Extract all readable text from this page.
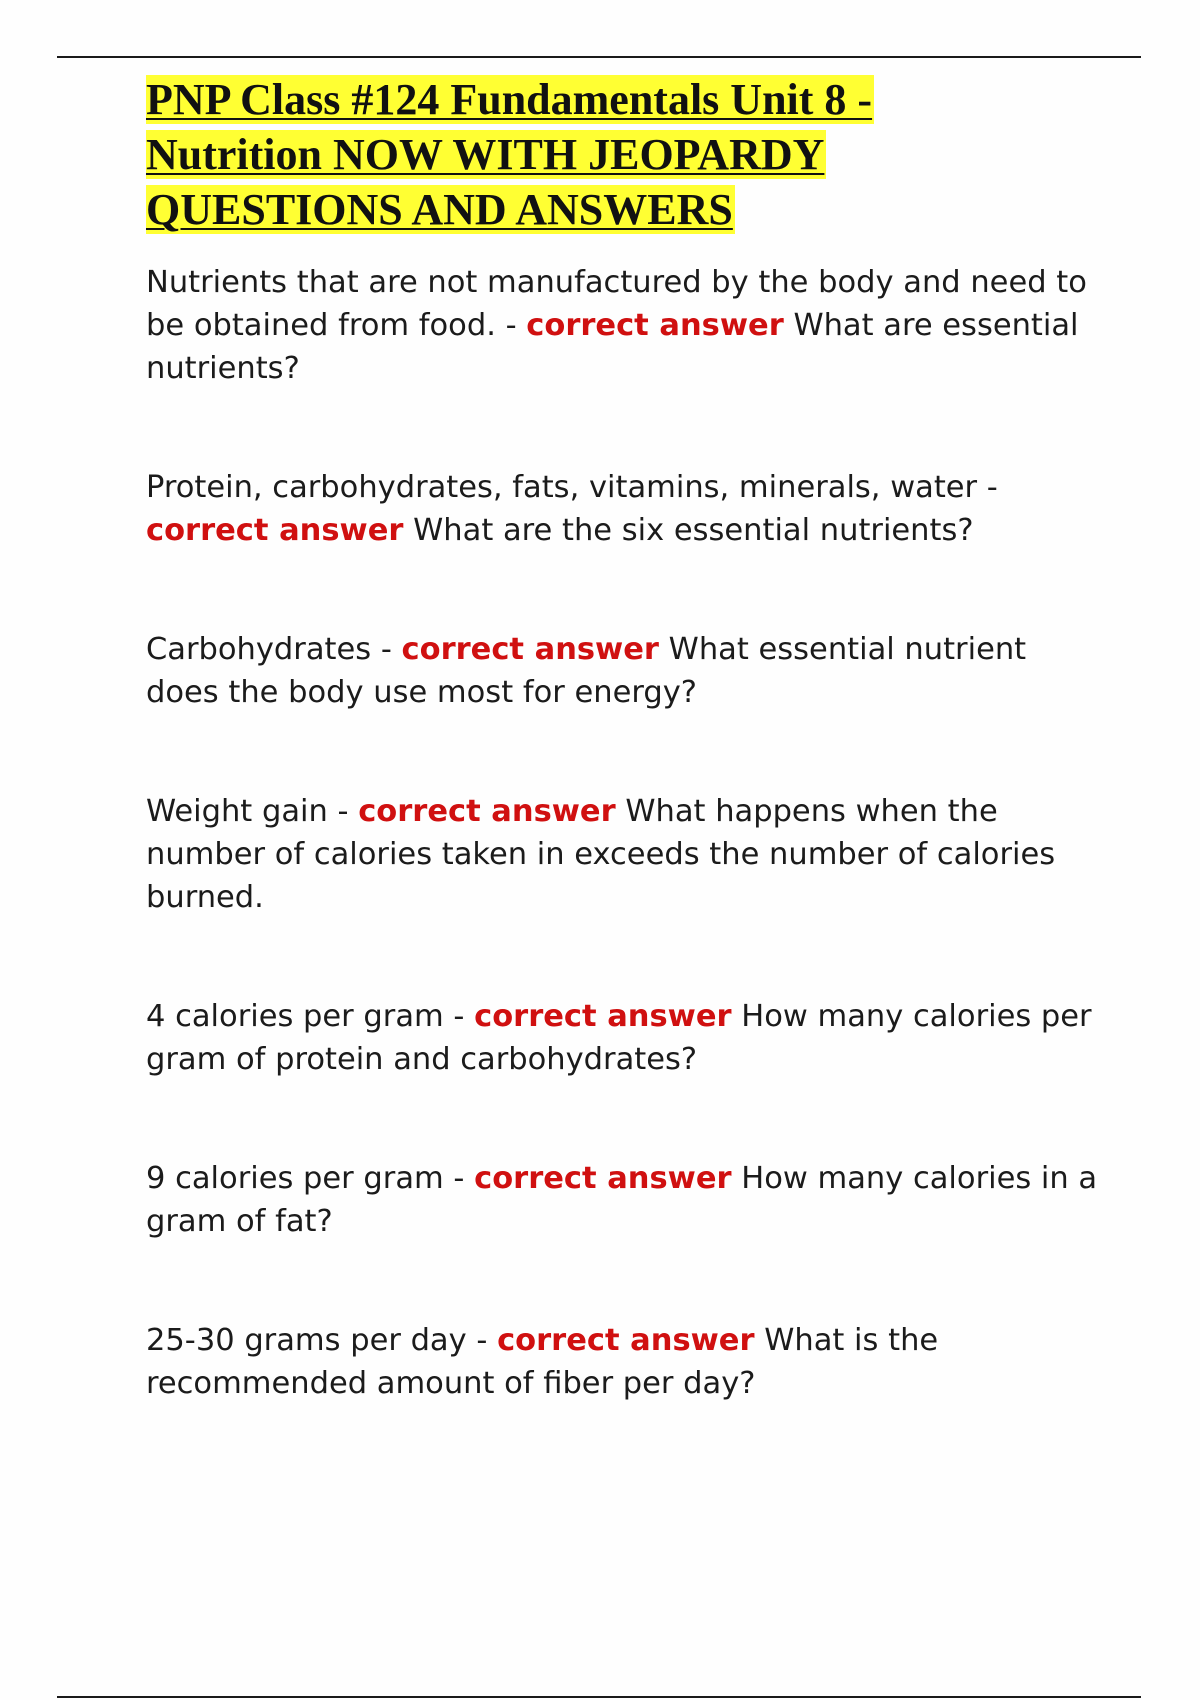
PNP Class #124 Fundamentals Unit 8 - Nutrition NOW WITH JEOPARDY QUESTIONS AND ANSWERS

Nutrients that are not manufactured by the body and need to be obtained from food. - correct answer What are essential nutrients?

Protein, carbohydrates, fats, vitamins, minerals, water - correct answer What are the six essential nutrients?

Carbohydrates - correct answer What essential nutrient does the body use most for energy?

Weight gain - correct answer What happens when the number of calories taken in exceeds the number of calories burned.

4 calories per gram - correct answer How many calories per gram of protein and carbohydrates?

9 calories per gram - correct answer How many calories in a gram of fat?

25-30 grams per day - correct answer What is the recommended amount of fiber per day?
